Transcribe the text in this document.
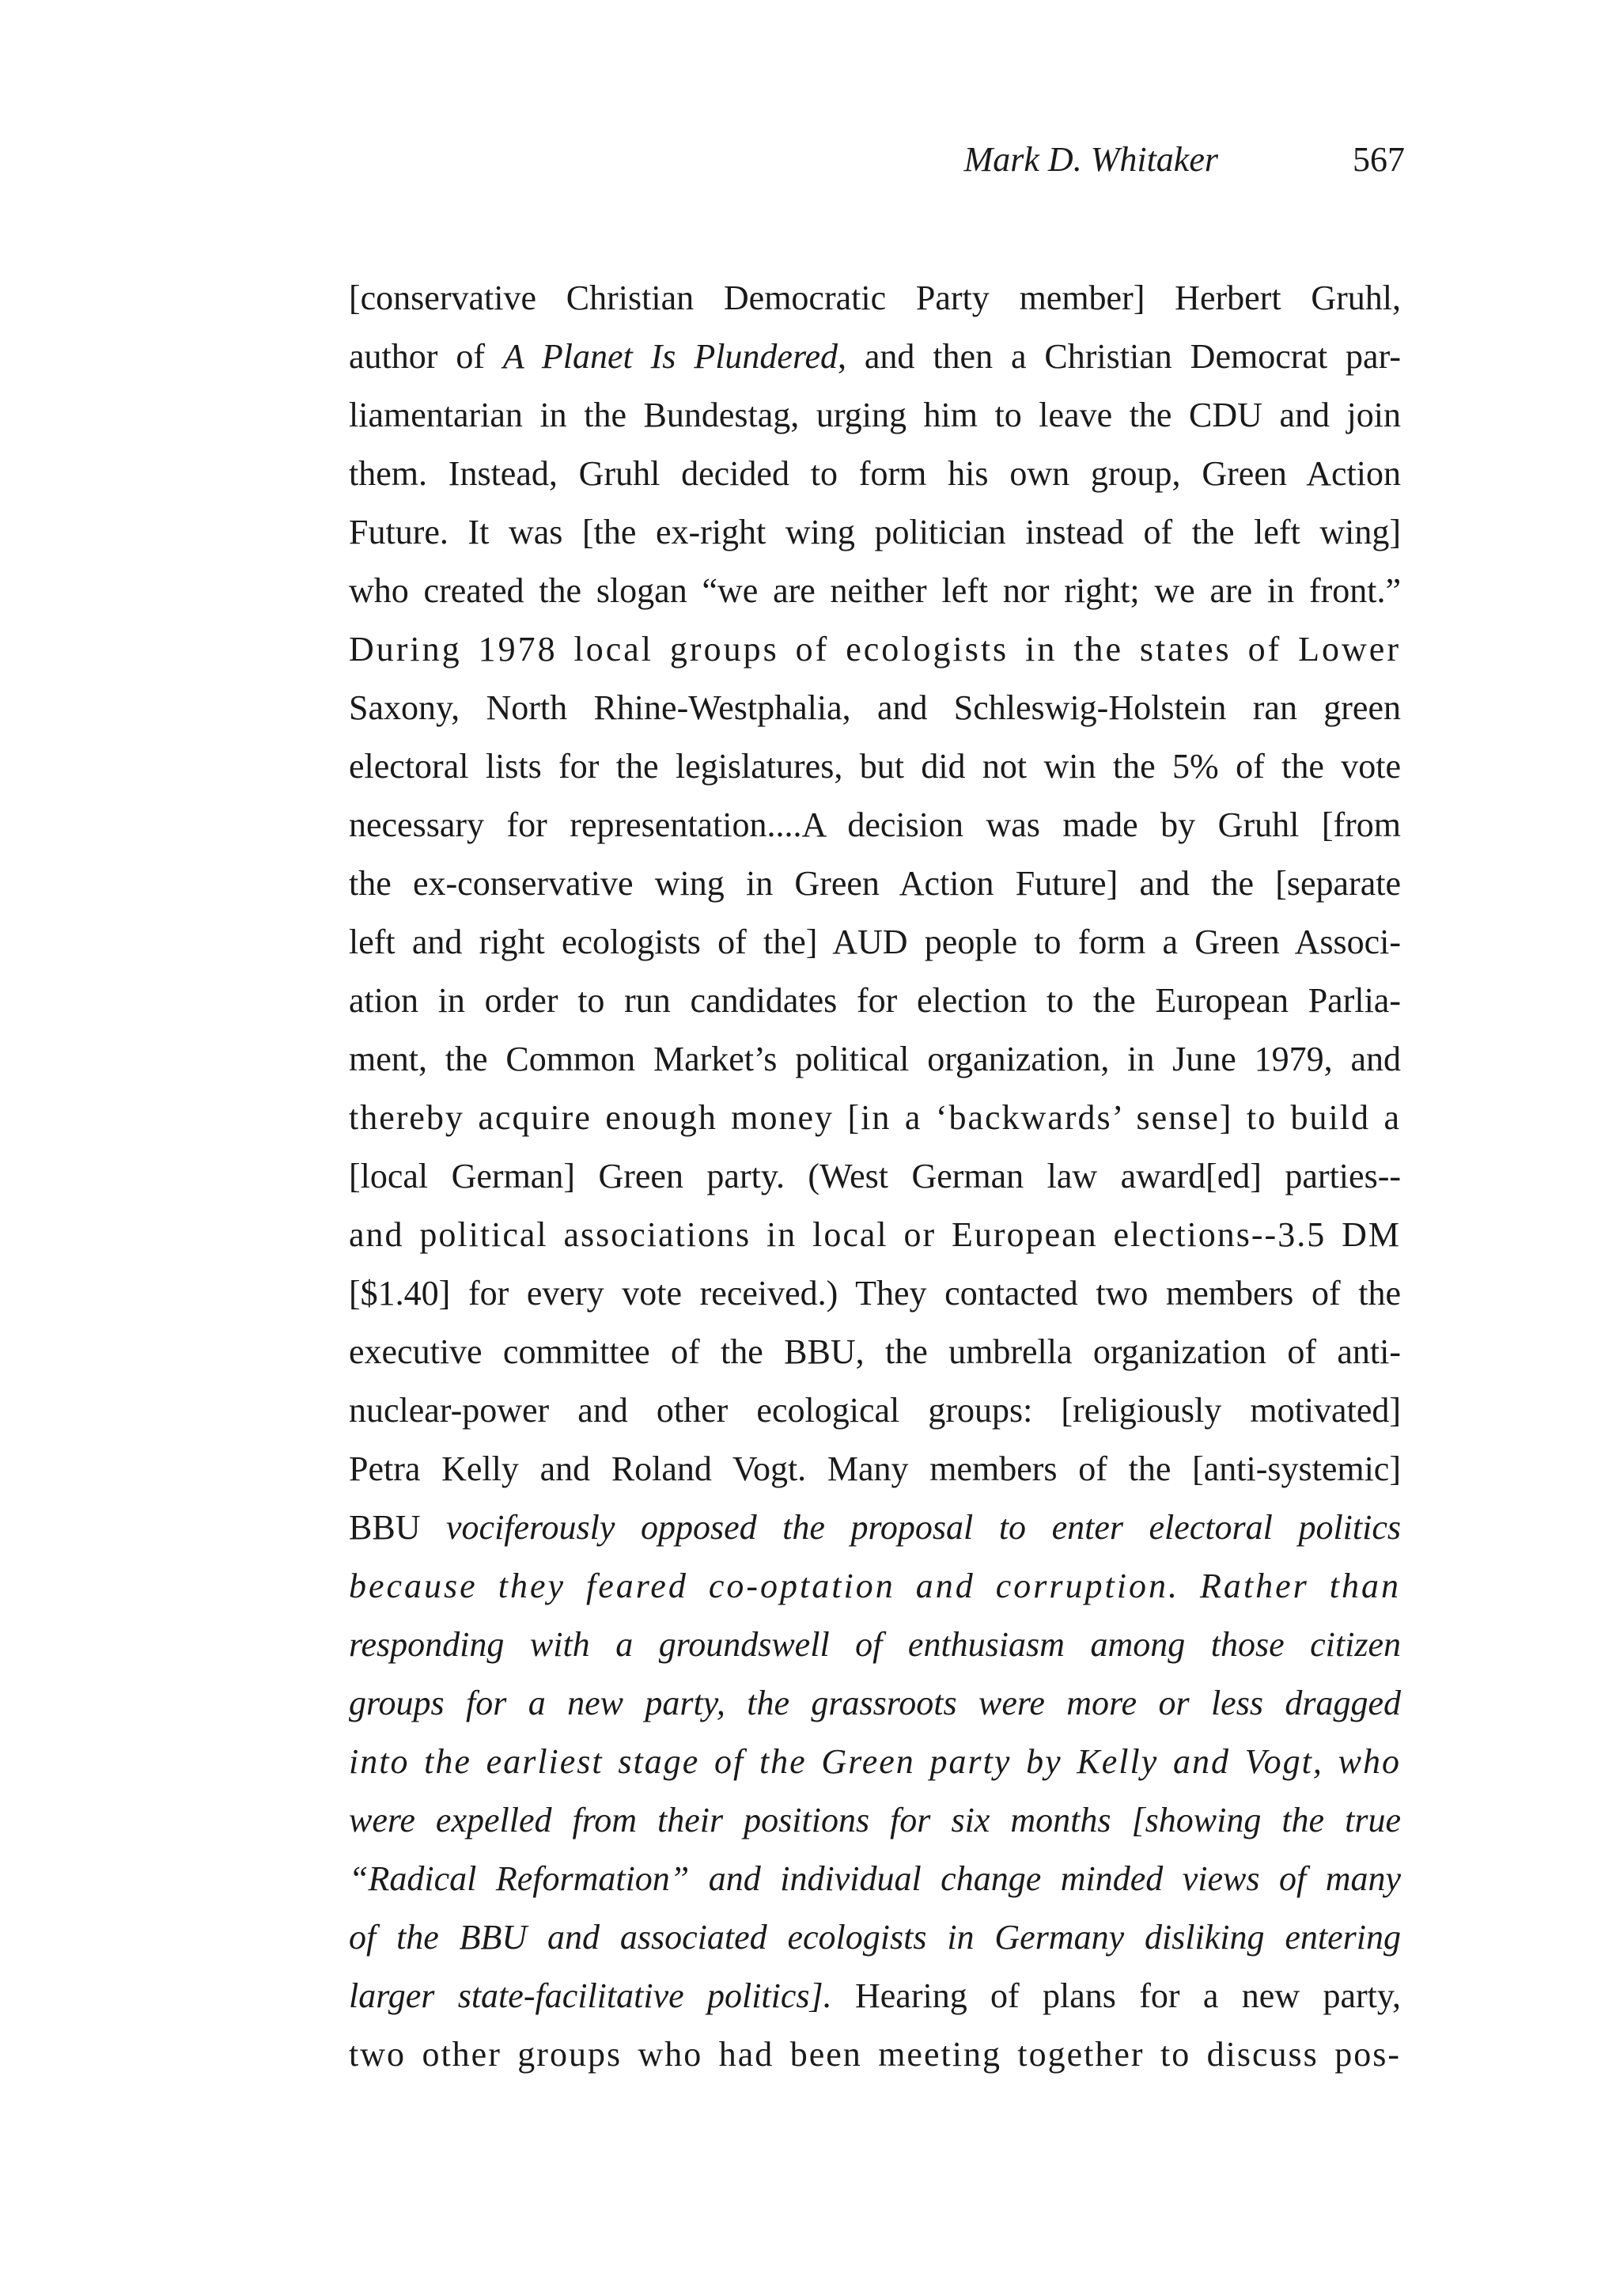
Mark D. Whitaker	567
[conservative Christian Democratic Party member] Herbert Gruhl,
author of A Planet Is Plundered, and then a Christian Democrat par-
liamentarian in the Bundestag, urging him to leave the CDU and join
them. Instead, Gruhl decided to form his own group, Green Action
Future. It was [the ex-right wing politician instead of the left wing]
who created the slogan “we are neither left nor right; we are in front.”
During 1978 local groups of ecologists in the states of Lower
Saxony, North Rhine-Westphalia, and Schleswig-Holstein ran green
electoral lists for the legislatures, but did not win the 5% of the vote
necessary for representation....A decision was made by Gruhl [from
the ex-conservative wing in Green Action Future] and the [separate
left and right ecologists of the] AUD people to form a Green Associ-
ation in order to run candidates for election to the European Parlia-
ment, the Common Market’s political organization, in June 1979, and
thereby acquire enough money [in a ‘backwards’ sense] to build a
[local German] Green party. (West German law award[ed] parties--
and political associations in local or European elections--3.5 DM
[$1.40] for every vote received.) They contacted two members of the
executive committee of the BBU, the umbrella organization of anti-
nuclear-power and other ecological groups: [religiously motivated]
Petra Kelly and Roland Vogt. Many members of the [anti-systemic]
BBU vociferously opposed the proposal to enter electoral politics
because they feared co-optation and corruption. Rather than
responding with a groundswell of enthusiasm among those citizen
groups for a new party, the grassroots were more or less dragged
into the earliest stage of the Green party by Kelly and Vogt, who
were expelled from their positions for six months [showing the true
“Radical Reformation” and individual change minded views of many
of the BBU and associated ecologists in Germany disliking entering
larger state-facilitative politics]. Hearing of plans for a new party,
two other groups who had been meeting together to discuss pos-
